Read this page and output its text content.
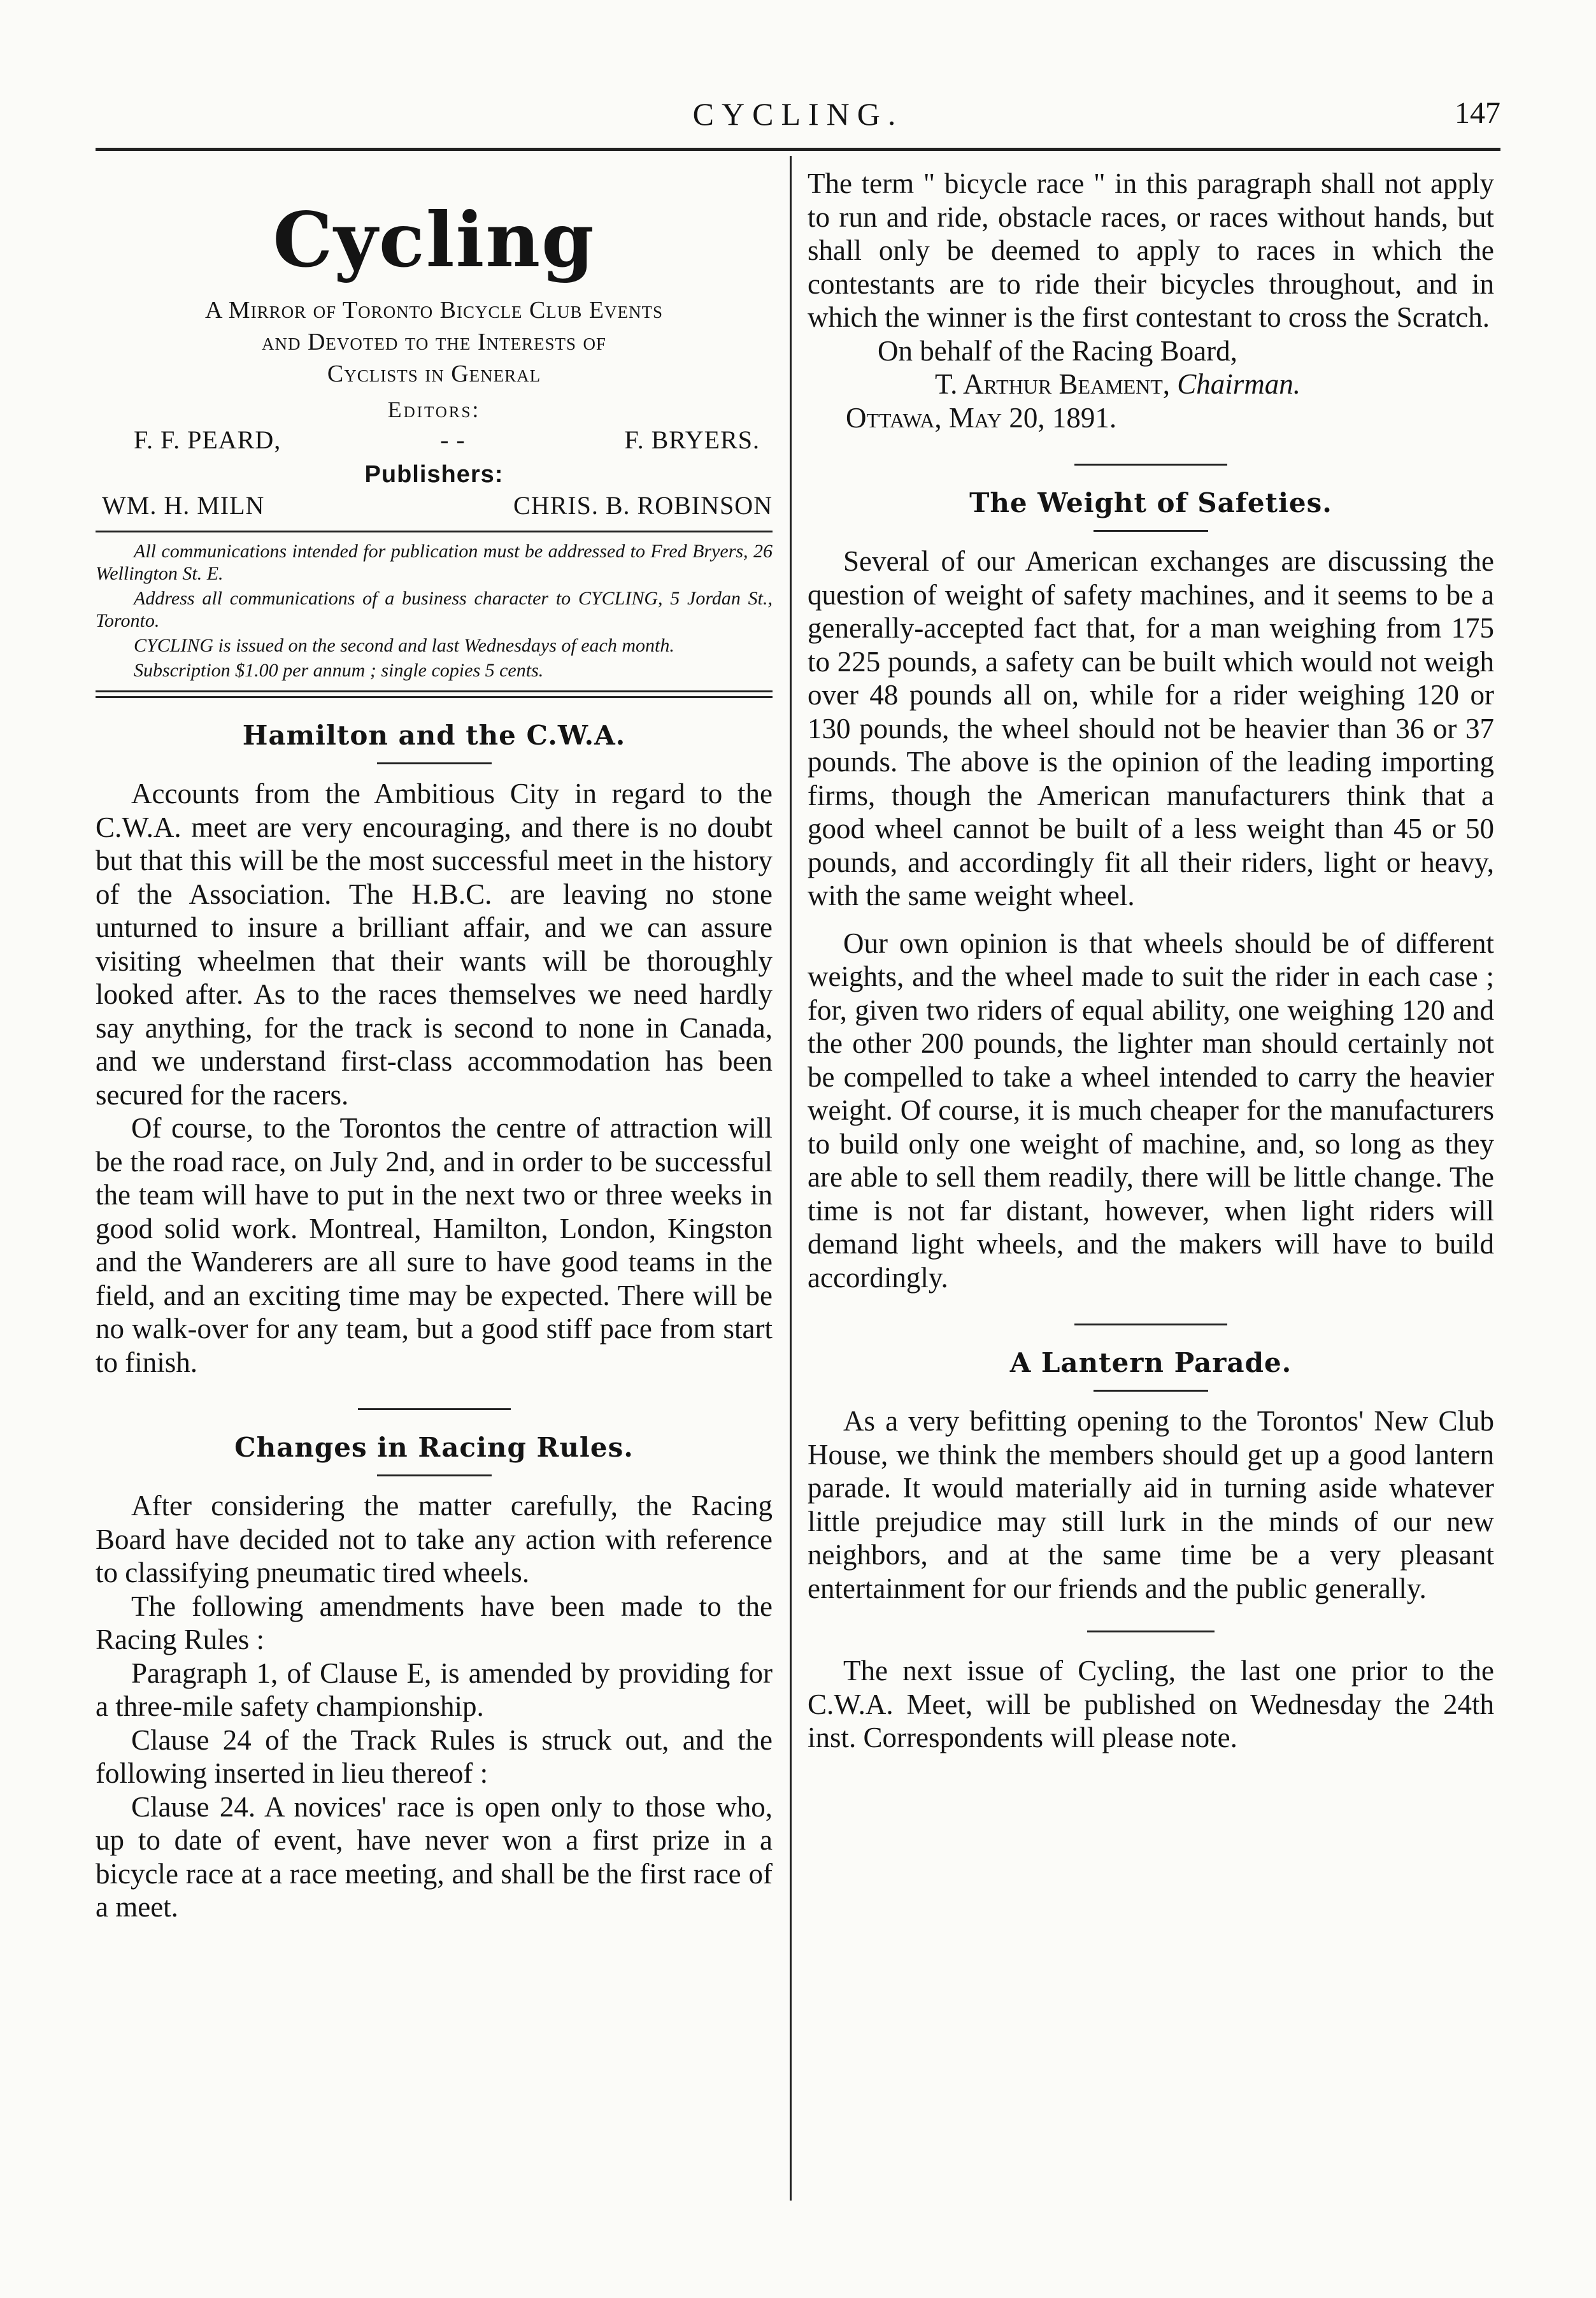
CYCLING.	147
Cycling
A Mirror of Toronto Bicycle Club Events
and Devoted to the Interests of
Cyclists in General
Editors:
F. F. PEARD,	- -	F. BRYERS.
Publishers:
WM. H. MILN	CHRIS. B. ROBINSON

All communications intended for publication must be addressed to Fred Bryers, 26 Wellington St. E.

Address all communications of a business character to CYCLING, 5 Jordan St., Toronto.

CYCLING is issued on the second and last Wednesdays of each month.

Subscription $1.00 per annum ; single copies 5 cents.

Hamilton and the C.W.A.

Accounts from the Ambitious City in regard to the C.W.A. meet are very encouraging, and there is no doubt but that this will be the most successful meet in the history of the Association. The H.B.C. are leaving no stone unturned to insure a brilliant affair, and we can assure visiting wheelmen that their wants will be thoroughly looked after. As to the races themselves we need hardly say anything, for the track is second to none in Canada, and we understand first-class accommodation has been secured for the racers.

Of course, to the Torontos the centre of attraction will be the road race, on July 2nd, and in order to be successful the team will have to put in the next two or three weeks in good solid work. Montreal, Hamilton, London, Kingston and the Wanderers are all sure to have good teams in the field, and an exciting time may be expected. There will be no walk-over for any team, but a good stiff pace from start to finish.

Changes in Racing Rules.

After considering the matter carefully, the Racing Board have decided not to take any action with reference to classifying pneumatic tired wheels.

The following amendments have been made to the Racing Rules :

Paragraph 1, of Clause E, is amended by providing for a three-mile safety championship.

Clause 24 of the Track Rules is struck out, and the following inserted in lieu thereof :

Clause 24. A novices' race is open only to those who, up to date of event, have never won a first prize in a bicycle race at a race meeting, and shall be the first race of a meet.

The term " bicycle race " in this paragraph shall not apply to run and ride, obstacle races, or races without hands, but shall only be deemed to apply to races in which the contestants are to ride their bicycles throughout, and in which the winner is the first contestant to cross the Scratch.

On behalf of the Racing Board,
T. Arthur Beament, Chairman.
Ottawa, May 20, 1891.
The Weight of Safeties.

Several of our American exchanges are discussing the question of weight of safety machines, and it seems to be a generally-accepted fact that, for a man weighing from 175 to 225 pounds, a safety can be built which would not weigh over 48 pounds all on, while for a rider weighing 120 or 130 pounds, the wheel should not be heavier than 36 or 37 pounds. The above is the opinion of the leading importing firms, though the American manufacturers think that a good wheel cannot be built of a less weight than 45 or 50 pounds, and accordingly fit all their riders, light or heavy, with the same weight wheel.

Our own opinion is that wheels should be of different weights, and the wheel made to suit the rider in each case ; for, given two riders of equal ability, one weighing 120 and the other 200 pounds, the lighter man should certainly not be compelled to take a wheel intended to carry the heavier weight. Of course, it is much cheaper for the manufacturers to build only one weight of machine, and, so long as they are able to sell them readily, there will be little change. The time is not far distant, however, when light riders will demand light wheels, and the makers will have to build accordingly.

A Lantern Parade.

As a very befitting opening to the Torontos' New Club House, we think the members should get up a good lantern parade. It would materially aid in turning aside whatever little prejudice may still lurk in the minds of our new neighbors, and at the same time be a very pleasant entertainment for our friends and the public generally.

The next issue of Cycling, the last one prior to the C.W.A. Meet, will be published on Wednesday the 24th inst. Correspondents will please note.
